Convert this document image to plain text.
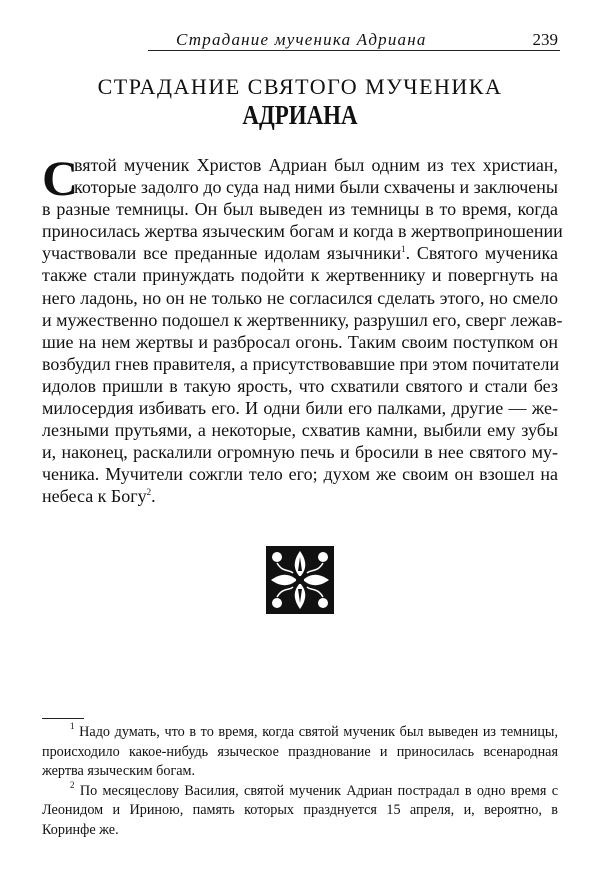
Страдание мученика Адриана	239
СТРАДАНИЕ СВЯТОГО МУЧЕНИКА
АДРИАНА
С
вятой мученик Христов Адриан был одним из тех христиан,
которые задолго до суда над ними были схвачены и заключены
в разные темницы. Он был выведен из темницы в то время, когда
приносилась жертва языческим богам и когда в жертвоприношении
участвовали все преданные идолам язычники$^1$. Святого мученика
также стали принуждать подойти к жертвеннику и повергнуть на
него ладонь, но он не только не согласился сделать этого, но смело
и мужественно подошел к жертвеннику, разрушил его, сверг лежав-
шие на нем жертвы и разбросал огонь. Таким своим поступком он
возбудил гнев правителя, а присутствовавшие при этом почитатели
идолов пришли в такую ярость, что схватили святого и стали без
милосердия избивать его. И одни били его палками, другие — же-
лезными прутьями, а некоторые, схватив камни, выбили ему зубы
и, наконец, раскалили огромную печь и бросили в нее святого му-
ченика. Мучители сожгли тело его; духом же своим он взошел на
небеса к Богу$^2$.
$^1$ Надо думать, что в то время, когда святой мученик был выведен из темницы,
происходило какое-нибудь языческое празднование и приносилась всенародная
жертва языческим богам.
$^2$ По месяцеслову Василия, святой мученик Адриан пострадал в одно время с
Леонидом и Ириною, память которых празднуется 15 апреля, и, вероятно, в
Коринфе же.
